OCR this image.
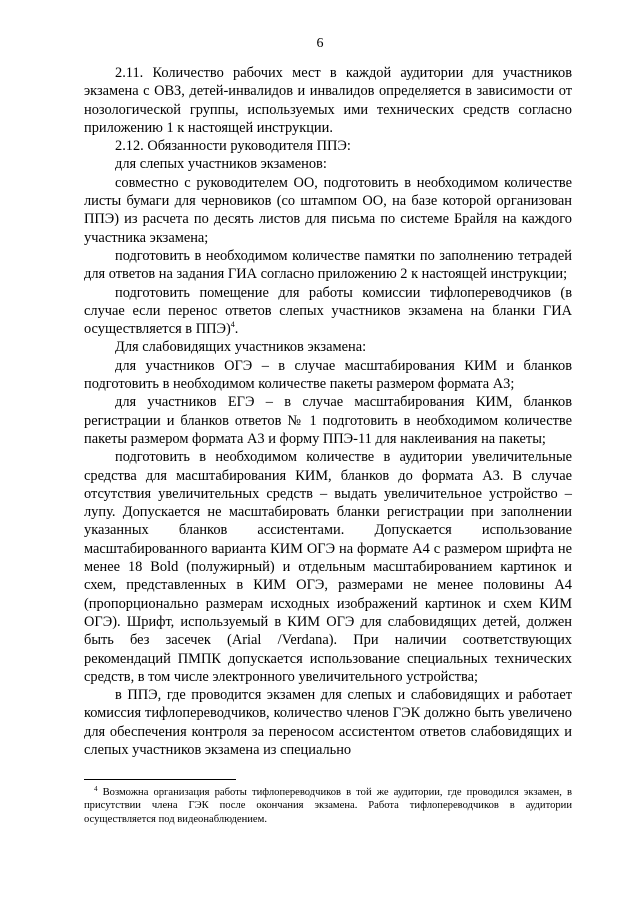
6

2.11. Количество рабочих мест в каждой аудитории для участников экзамена с ОВЗ, детей-инвалидов и инвалидов определяется в зависимости от нозологической группы, используемых ими технических средств согласно приложению 1 к настоящей инструкции.

2.12. Обязанности руководителя ППЭ:

для слепых участников экзаменов:

совместно с руководителем ОО, подготовить в необходимом количестве листы бумаги для черновиков (со штампом ОО, на базе которой организован ППЭ) из расчета по десять листов для письма по системе Брайля на каждого участника экзамена;

подготовить в необходимом количестве памятки по заполнению тетрадей для ответов на задания ГИА согласно приложению 2 к настоящей инструкции;

подготовить помещение для работы комиссии тифлопереводчиков (в случае если перенос ответов слепых участников экзамена на бланки ГИА осуществляется в ППЭ)$^4$.

Для слабовидящих участников экзамена:

для участников ОГЭ – в случае масштабирования КИМ и бланков подготовить в необходимом количестве пакеты размером формата А3;

для участников ЕГЭ – в случае масштабирования КИМ, бланков регистрации и бланков ответов № 1 подготовить в необходимом количестве пакеты размером формата А3 и форму ППЭ-11 для наклеивания на пакеты;

подготовить в необходимом количестве в аудитории увеличительные средства для масштабирования КИМ, бланков до формата А3. В случае отсутствия увеличительных средств – выдать увеличительное устройство – лупу. Допускается не масштабировать бланки регистрации при заполнении указанных бланков ассистентами. Допускается использование масштабированного варианта КИМ ОГЭ на формате А4 с размером шрифта не менее 18 Bold (полужирный) и отдельным масштабированием картинок и схем, представленных в КИМ ОГЭ, размерами не менее половины А4 (пропорционально размерам исходных изображений картинок и схем КИМ ОГЭ). Шрифт, используемый в КИМ ОГЭ для слабовидящих детей, должен быть без засечек (Arial /Verdana). При наличии соответствующих рекомендаций ПМПК допускается использование специальных технических средств, в том числе электронного увеличительного устройства;

в ППЭ, где проводится экзамен для слепых и слабовидящих и работает комиссия тифлопереводчиков, количество членов ГЭК должно быть увеличено для обеспечения контроля за переносом ассистентом ответов слабовидящих и слепых участников экзамена из специально

$^4$ Возможна организация работы тифлопереводчиков в той же аудитории, где проводился экзамен, в присутствии члена ГЭК после окончания экзамена. Работа тифлопереводчиков в аудитории осуществляется под видеонаблюдением.
